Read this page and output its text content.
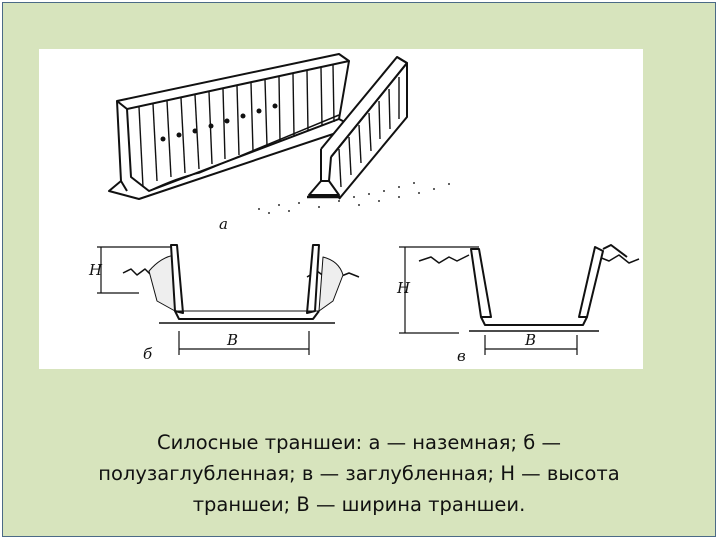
а
H
B
б
H
B
в
Силосные траншеи: а — наземная; б —
полузаглубленная; в — заглубленная; Н — высота
траншеи; В — ширина траншеи.
